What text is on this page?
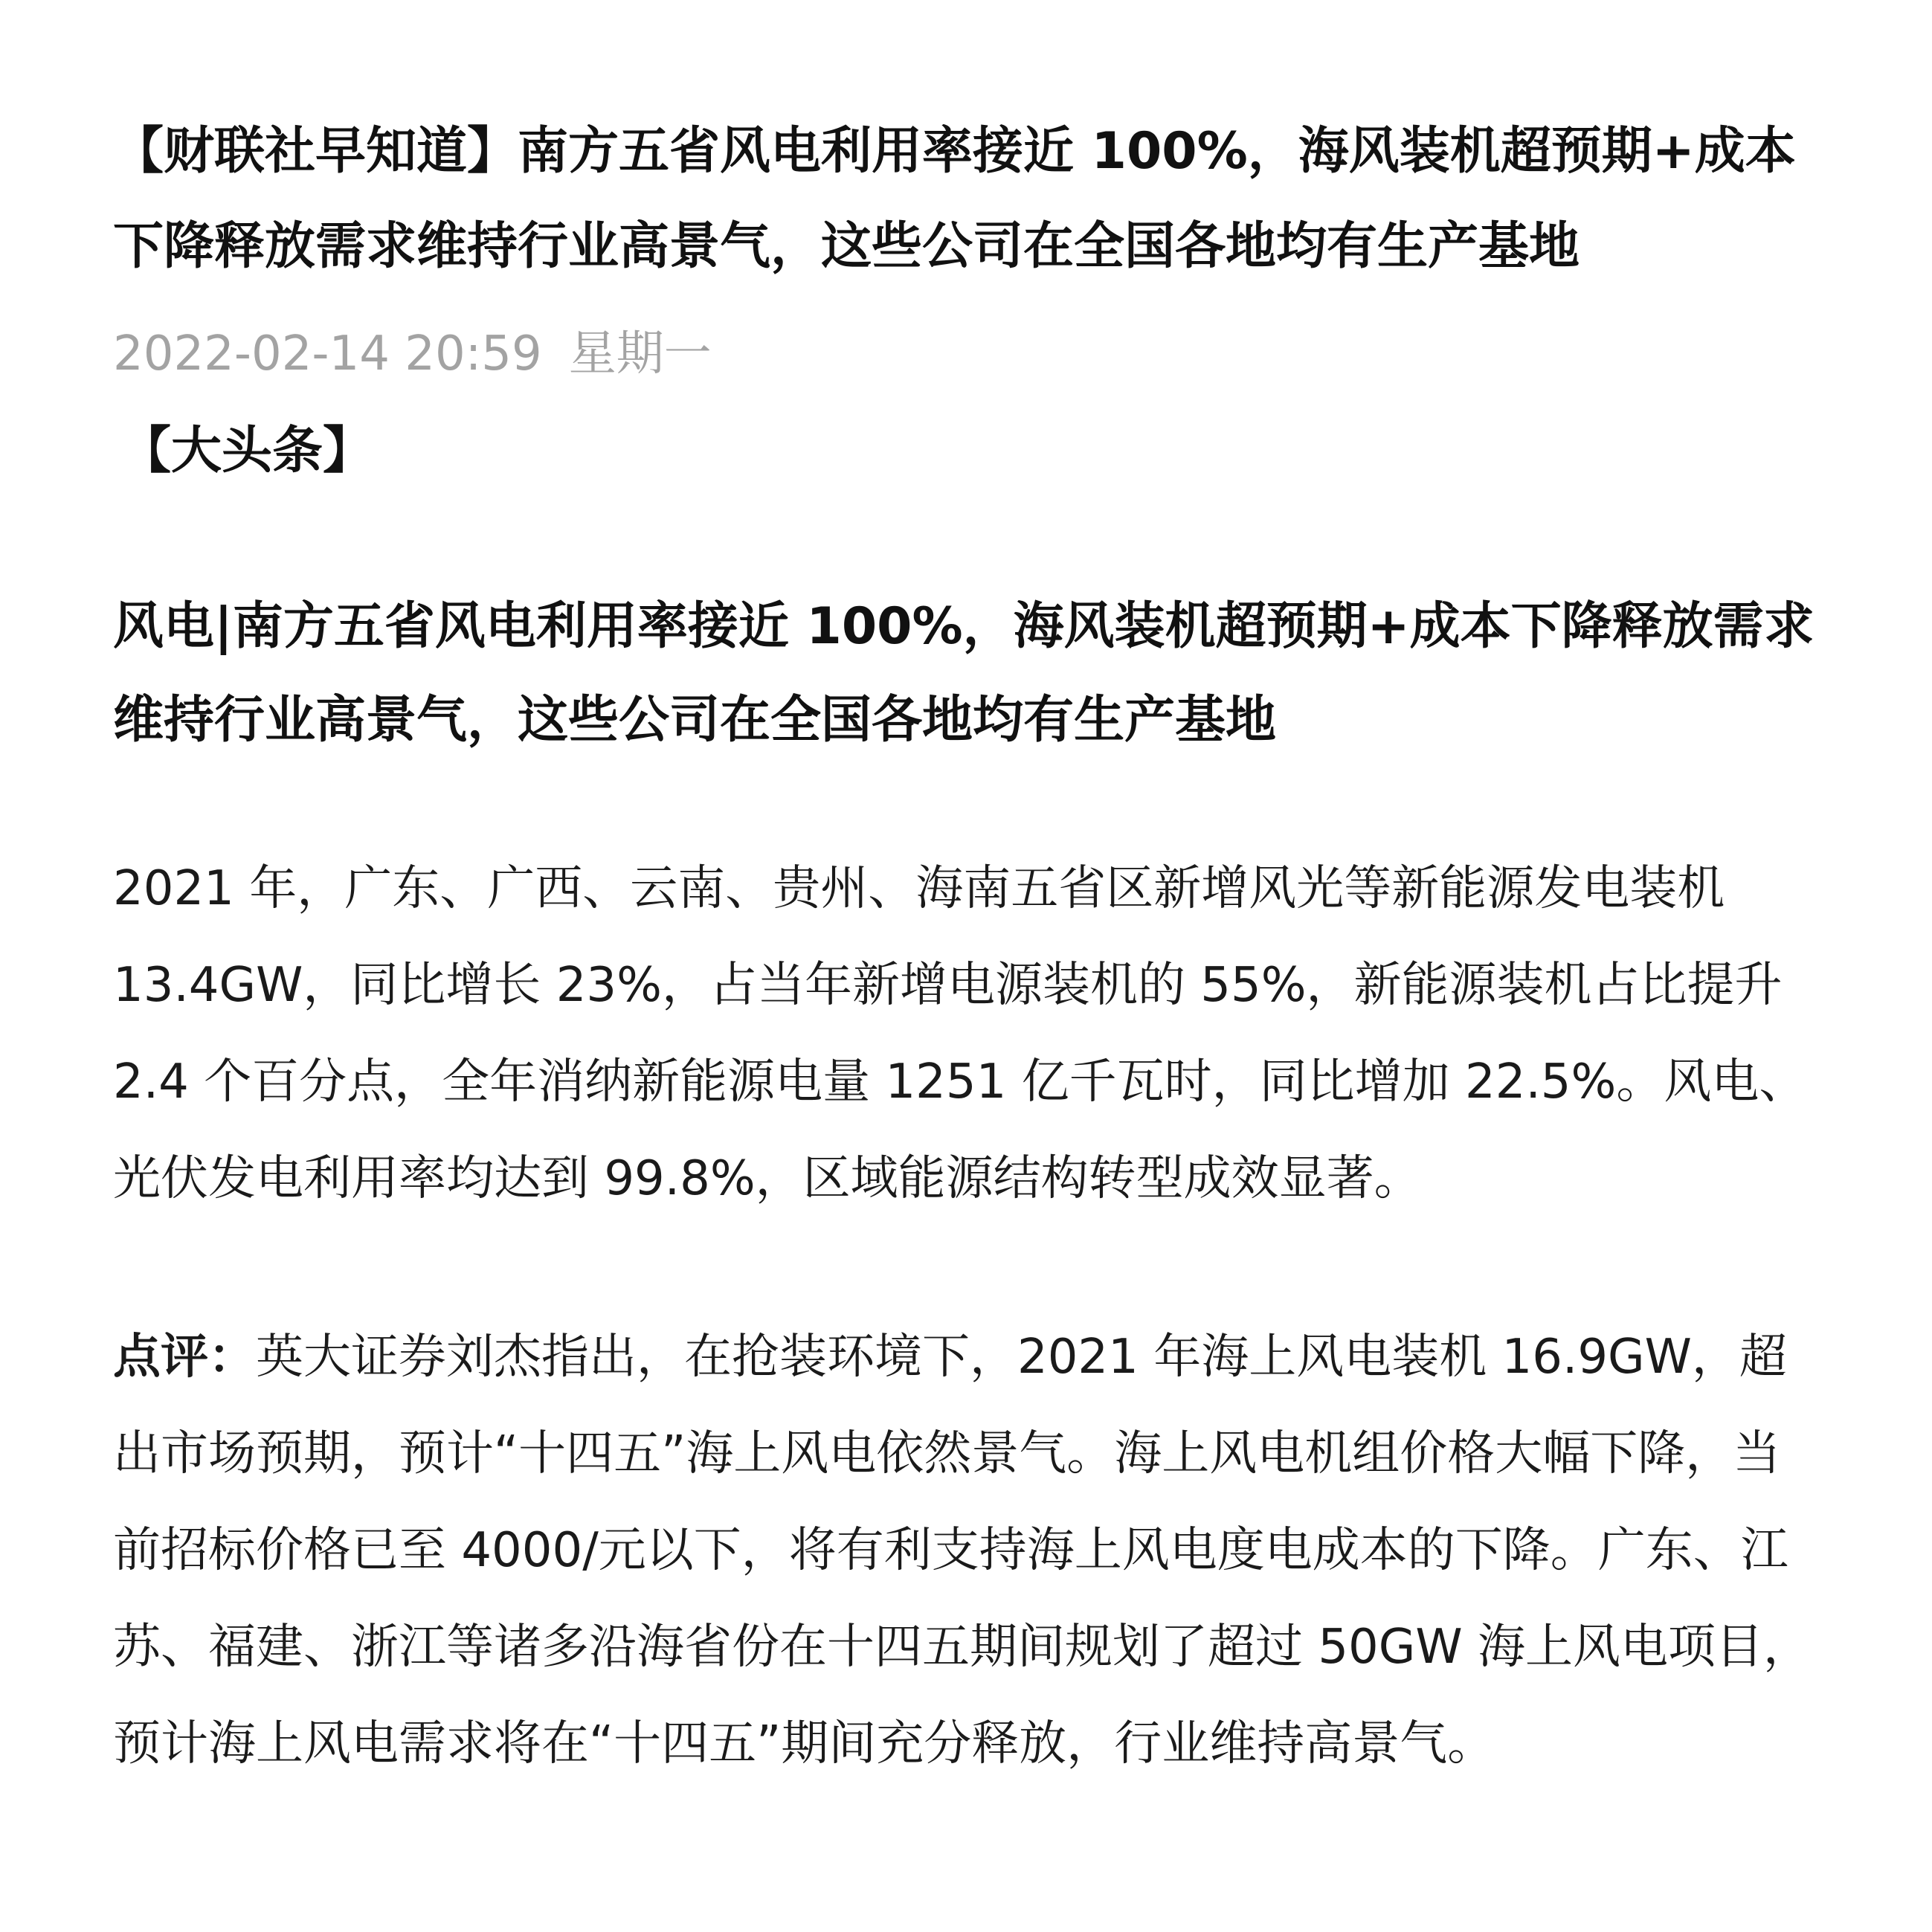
【财联社早知道】南方五省风电利用率接近 100%，海风装机超预期+成本下降释放需求维持行业高景气，这些公司在全国各地均有生产基地
2022-02-14 20:59 星期一
【大头条】
风电|南方五省风电利用率接近 100%，海风装机超预期+成本下降释放需求维持行业高景气，这些公司在全国各地均有生产基地

2021 年，广东、广西、云南、贵州、海南五省区新增风光等新能源发电装机 13.4GW，同比增长 23%，占当年新增电源装机的 55%，新能源装机占比提升 2.4 个百分点，全年消纳新能源电量 1251 亿千瓦时，同比增加 22.5%。风电、光伏发电利用率均达到 99.8%，区域能源结构转型成效显著。

点评：英大证券刘杰指出，在抢装环境下，2021 年海上风电装机 16.9GW，超出市场预期，预计“十四五”海上风电依然景气。海上风电机组价格大幅下降，当前招标价格已至 4000/元以下，将有利支持海上风电度电成本的下降。广东、江苏、福建、浙江等诸多沿海省份在十四五期间规划了超过 50GW 海上风电项目，预计海上风电需求将在“十四五”期间充分释放，行业维持高景气。
